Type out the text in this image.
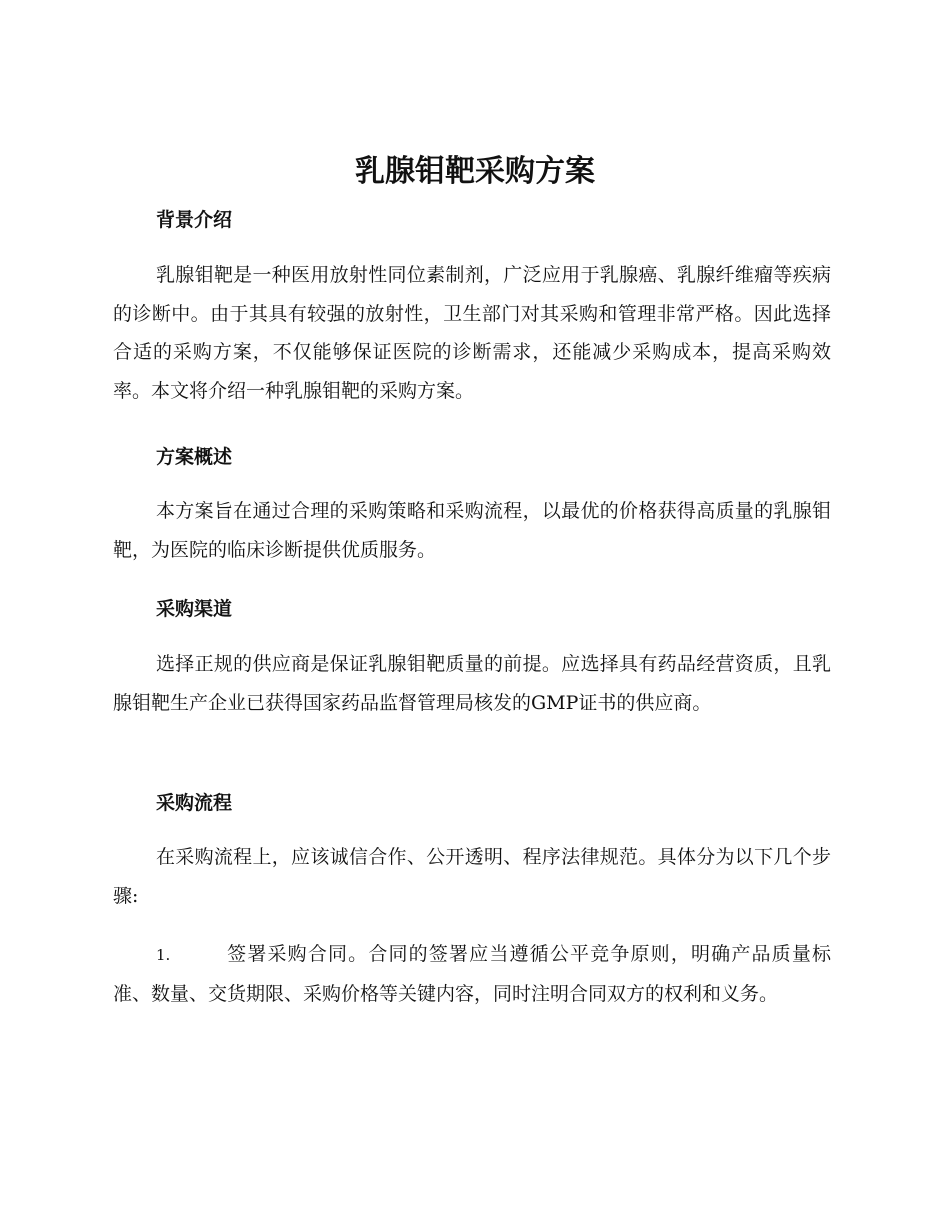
乳腺钼靶采购方案
背景介绍

乳腺钼靶是一种医用放射性同位素制剂，广泛应用于乳腺癌、乳腺纤维瘤等疾病的诊断中。由于其具有较强的放射性，卫生部门对其采购和管理非常严格。因此选择合适的采购方案，不仅能够保证医院的诊断需求，还能减少采购成本，提高采购效率。本文将介绍一种乳腺钼靶的采购方案。

方案概述

本方案旨在通过合理的采购策略和采购流程，以最优的价格获得高质量的乳腺钼靶，为医院的临床诊断提供优质服务。

采购渠道

选择正规的供应商是保证乳腺钼靶质量的前提。应选择具有药品经营资质，且乳腺钼靶生产企业已获得国家药品监督管理局核发的GMP证书的供应商。

采购流程

在采购流程上，应该诚信合作、公开透明、程序法律规范。具体分为以下几个步骤:

1.	签署采购合同。合同的签署应当遵循公平竞争原则，明确产品质量标准、数量、交货期限、采购价格等关键内容，同时注明合同双方的权利和义务。
